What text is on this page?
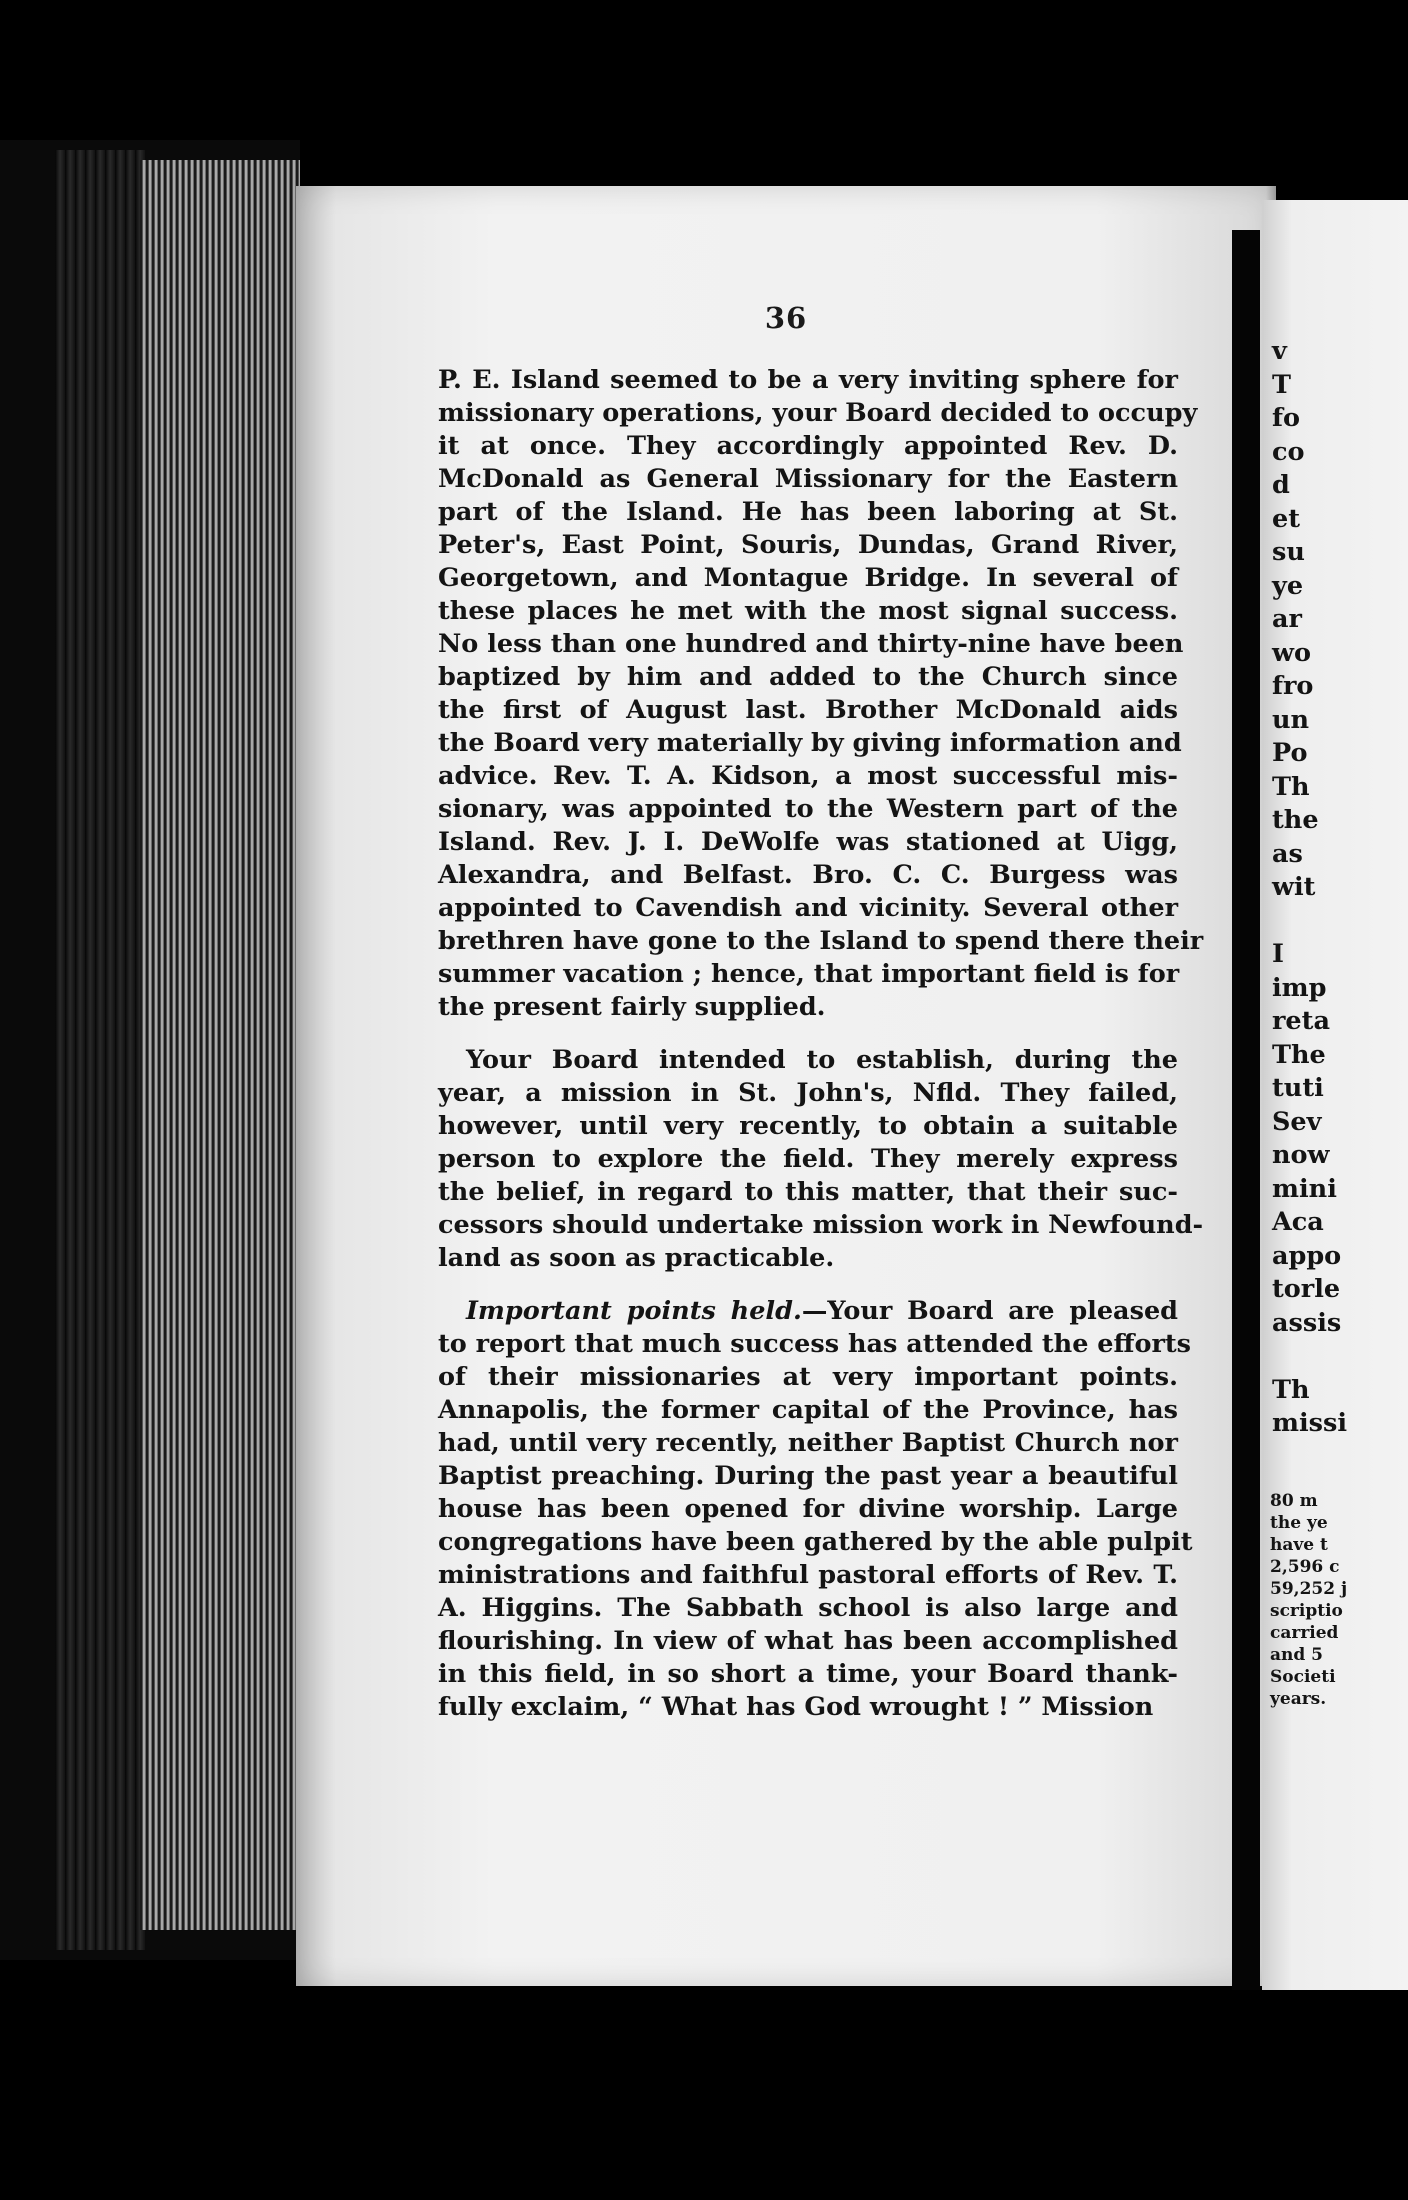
36
P. E. Island seemed to be a very inviting sphere for
missionary operations, your Board decided to occupy
it at once. They accordingly appointed Rev. D.
McDonald as General Missionary for the Eastern
part of the Island. He has been laboring at St.
Peter's, East Point, Souris, Dundas, Grand River,
Georgetown, and Montague Bridge. In several of
these places he met with the most signal success.
No less than one hundred and thirty-nine have been
baptized by him and added to the Church since
the first of August last. Brother McDonald aids
the Board very materially by giving information and
advice. Rev. T. A. Kidson, a most successful mis-
sionary, was appointed to the Western part of the
Island. Rev. J. I. DeWolfe was stationed at Uigg,
Alexandra, and Belfast. Bro. C. C. Burgess was
appointed to Cavendish and vicinity. Several other
brethren have gone to the Island to spend there their
summer vacation ; hence, that important field is for
the present fairly supplied.
Your Board intended to establish, during the
year, a mission in St. John's, Nfld. They failed,
however, until very recently, to obtain a suitable
person to explore the field. They merely express
the belief, in regard to this matter, that their suc-
cessors should undertake mission work in Newfound-
land as soon as practicable.
Important points held.—Your Board are pleased
to report that much success has attended the efforts
of their missionaries at very important points.
Annapolis, the former capital of the Province, has
had, until very recently, neither Baptist Church nor
Baptist preaching. During the past year a beautiful
house has been opened for divine worship. Large
congregations have been gathered by the able pulpit
ministrations and faithful pastoral efforts of Rev. T.
A. Higgins. The Sabbath school is also large and
flourishing. In view of what has been accomplished
in this field, in so short a time, your Board thank-
fully exclaim, “ What has God wrought ! ” Mission
v
T
fo
co
d
et
su
ye
ar
wo
fro
un
Po
Th
the
as
wit

I
imp
reta
The
tuti
Sev
now
mini
Aca
appo
torle
assis

Th
missi
80 m
the ye
have t
2,596 c
59,252 j
scriptio
carried
and 5
Societi
years.
